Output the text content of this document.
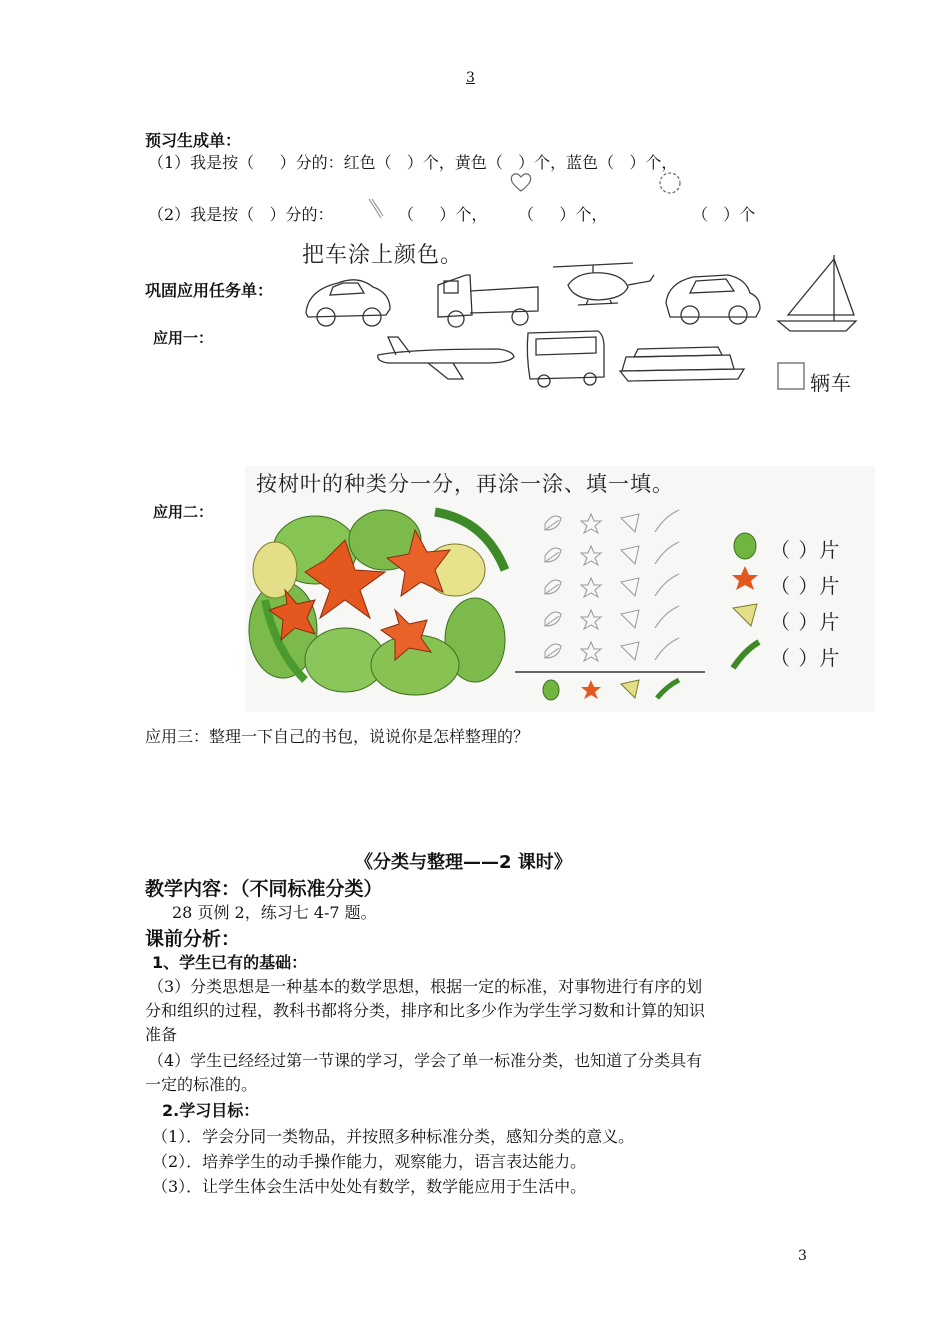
3
3
预习生成单：
（1）我是按（     ）分的：红色（   ）个，黄色（   ）个，蓝色（   ）个，
（2）我是按（   ）分的：	（     ）个， （     ）个，	（   ）个
把车涂上颜色。
巩固应用任务单：
应用一：
辆车
按树叶的种类分一分，再涂一涂、填一填。
应用二：
（ ）片
（ ）片
（ ）片
（ ）片
应用三：整理一下自己的书包，说说你是怎样整理的？
《分类与整理——2 课时》
教学内容：（不同标准分类）
28 页例 2，练习七 4-7 题。
课前分析：
1、学生已有的基础：
（3）分类思想是一种基本的数学思想，根据一定的标准，对事物进行有序的划
分和组织的过程，教科书都将分类，排序和比多少作为学生学习数和计算的知识
准备
（4）学生已经经过第一节课的学习，学会了单一标准分类，也知道了分类具有
一定的标准的。
2.学习目标：
（1）．学会分同一类物品，并按照多种标准分类，感知分类的意义。
（2）．培养学生的动手操作能力，观察能力，语言表达能力。
（3）．让学生体会生活中处处有数学，数学能应用于生活中。
